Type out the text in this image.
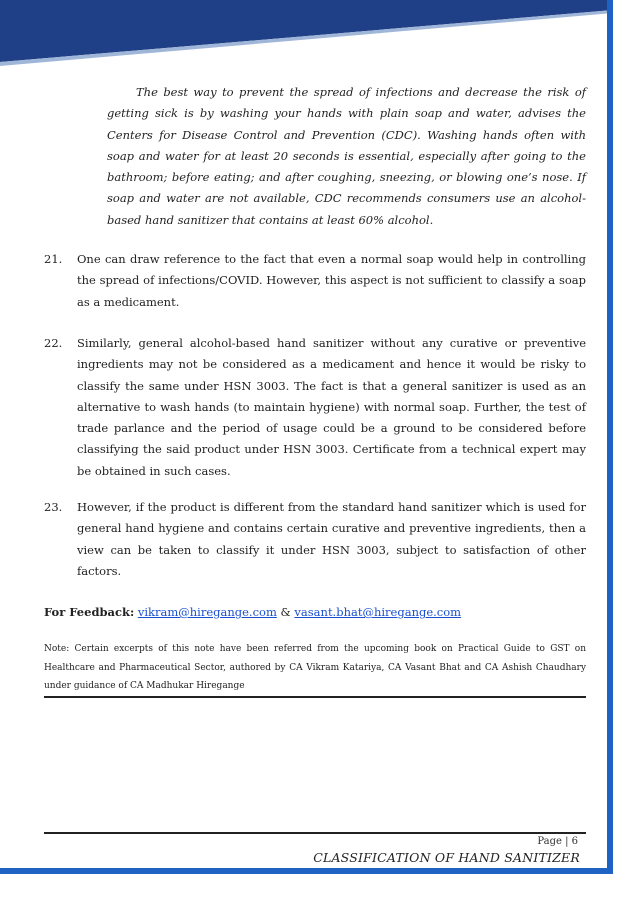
The best way to prevent the spread of infections and decrease the risk of getting sick is by washing your hands with plain soap and water, advises the Centers for Disease Control and Prevention (CDC). Washing hands often with soap and water for at least 20 seconds is essential, especially after going to the bathroom; before eating; and after coughing, sneezing, or blowing one’s nose. If soap and water are not available, CDC recommends consumers use an alcohol-based hand sanitizer that contains at least 60% alcohol.
21.	One can draw reference to the fact that even a normal soap would help in controlling the spread of infections/COVID. However, this aspect is not sufficient to classify a soap as a medicament.
22.	Similarly, general alcohol-based hand sanitizer without any curative or preventive ingredients may not be considered as a medicament and hence it would be risky to classify the same under HSN 3003. The fact is that a general sanitizer is used as an alternative to wash hands (to maintain hygiene) with normal soap. Further, the test of trade parlance and the period of usage could be a ground to be considered before classifying the said product under HSN 3003. Certificate from a technical expert may be obtained in such cases.
23.	However, if the product is different from the standard hand sanitizer which is used for general hand hygiene and contains certain curative and preventive ingredients, then a view can be taken to classify it under HSN 3003, subject to satisfaction of other factors.
For Feedback: vikram@hiregange.com & vasant.bhat@hiregange.com
Note: Certain excerpts of this note have been referred from the upcoming book on Practical Guide to GST on Healthcare and Pharmaceutical Sector, authored by CA Vikram Katariya, CA Vasant Bhat and CA Ashish Chaudhary under guidance of CA Madhukar Hiregange
Page | 6
CLASSIFICATION OF HAND SANITIZER
